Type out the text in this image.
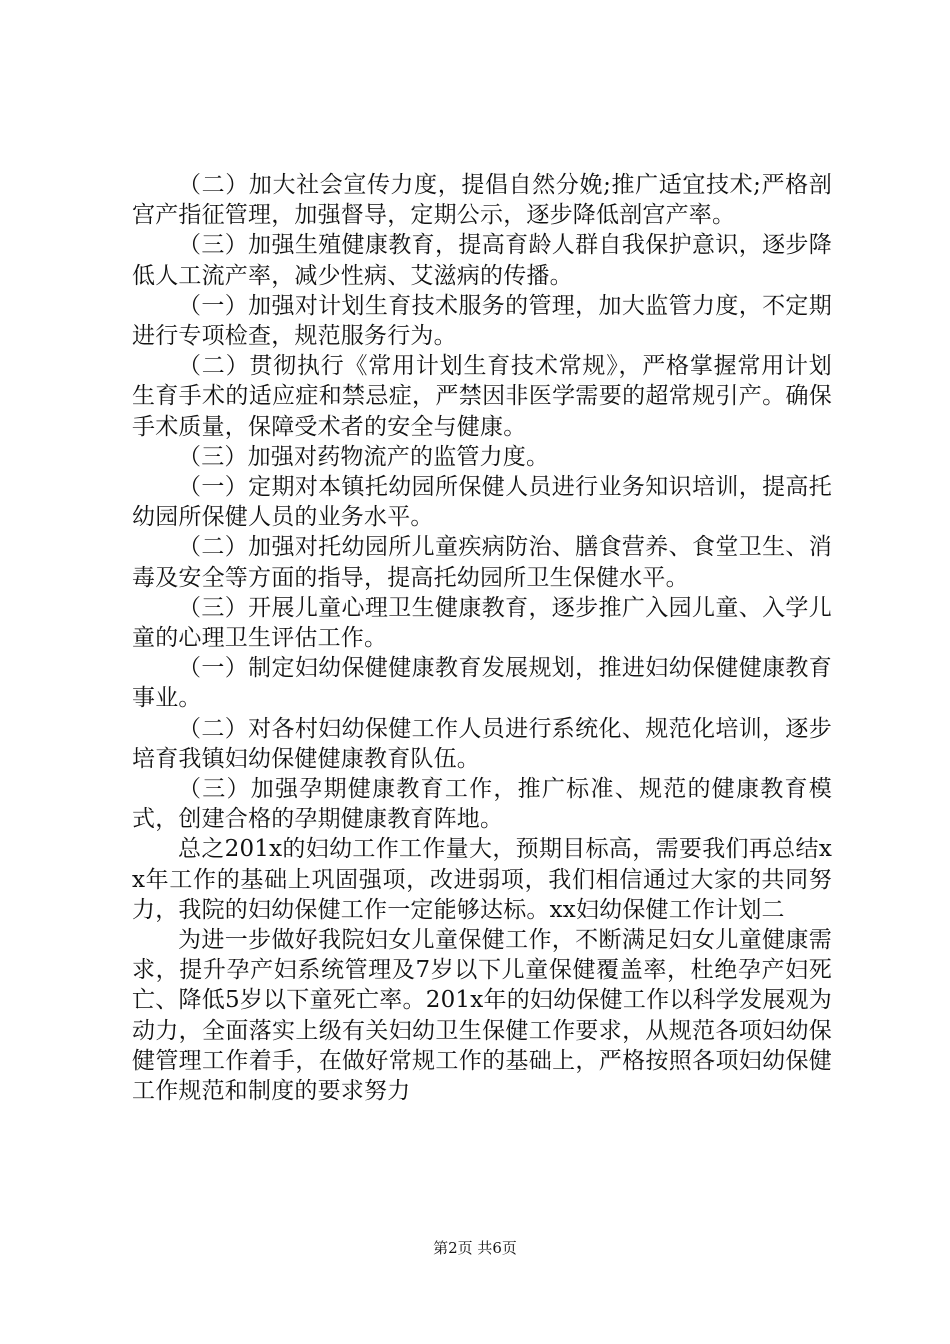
（二）加大社会宣传力度，提倡自然分娩;推广适宜技术;严格剖宫产指征管理，加强督导，定期公示，逐步降低剖宫产率。

（三）加强生殖健康教育，提高育龄人群自我保护意识，逐步降低人工流产率，减少性病、艾滋病的传播。

（一）加强对计划生育技术服务的管理，加大监管力度，不定期进行专项检查，规范服务行为。

（二）贯彻执行《常用计划生育技术常规》，严格掌握常用计划生育手术的适应症和禁忌症，严禁因非医学需要的超常规引产。确保手术质量，保障受术者的安全与健康。

（三）加强对药物流产的监管力度。

（一）定期对本镇托幼园所保健人员进行业务知识培训，提高托幼园所保健人员的业务水平。

（二）加强对托幼园所儿童疾病防治、膳食营养、食堂卫生、消毒及安全等方面的指导，提高托幼园所卫生保健水平。

（三）开展儿童心理卫生健康教育，逐步推广入园儿童、入学儿童的心理卫生评估工作。

（一）制定妇幼保健健康教育发展规划，推进妇幼保健健康教育事业。

（二）对各村妇幼保健工作人员进行系统化、规范化培训，逐步培育我镇妇幼保健健康教育队伍。

（三）加强孕期健康教育工作，推广标准、规范的健康教育模式，创建合格的孕期健康教育阵地。

总之201x的妇幼工作工作量大，预期目标高，需要我们再总结xx年工作的基础上巩固强项，改进弱项，我们相信通过大家的共同努力，我院的妇幼保健工作一定能够达标。xx妇幼保健工作计划二

为进一步做好我院妇女儿童保健工作，不断满足妇女儿童健康需求，提升孕产妇系统管理及7岁以下儿童保健覆盖率，杜绝孕产妇死亡、降低5岁以下童死亡率。201x年的妇幼保健工作以科学发展观为动力，全面落实上级有关妇幼卫生保健工作要求，从规范各项妇幼保健管理工作着手，在做好常规工作的基础上，严格按照各项妇幼保健工作规范和制度的要求努力

第2页 共6页
